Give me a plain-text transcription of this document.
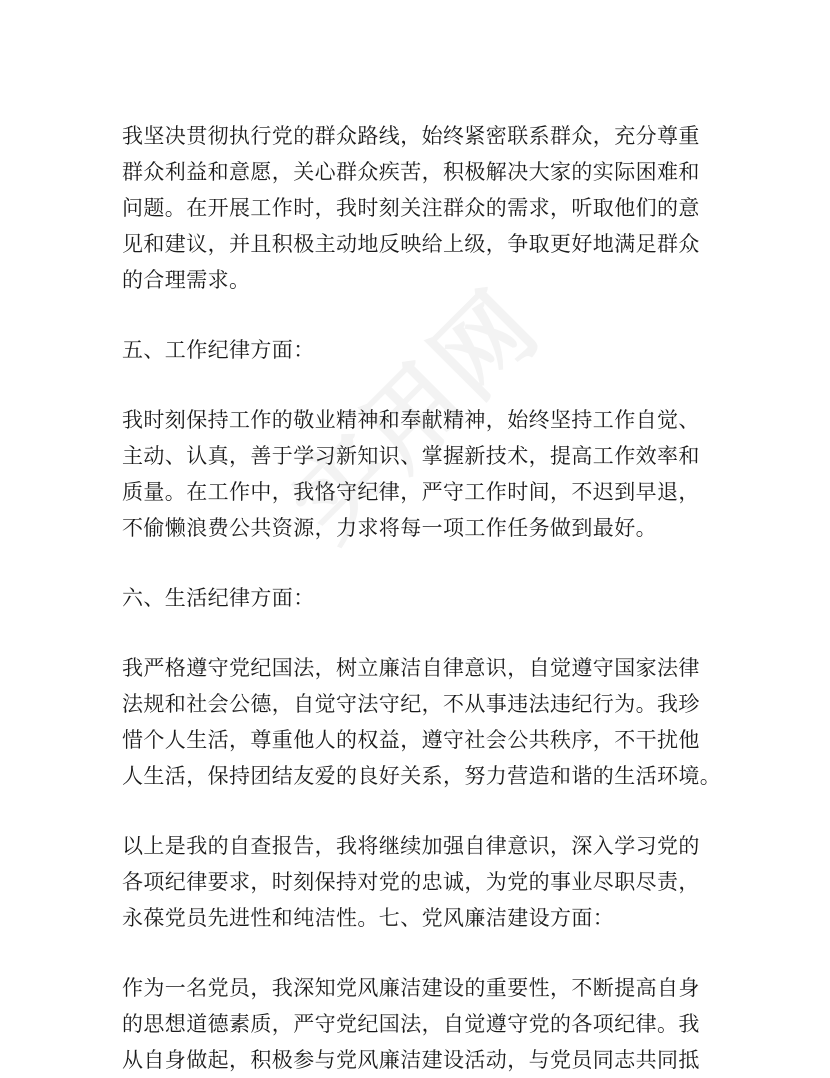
我坚决贯彻执行党的群众路线，始终紧密联系群众，充分尊重
群众利益和意愿，关心群众疾苦，积极解决大家的实际困难和
问题。在开展工作时，我时刻关注群众的需求，听取他们的意
见和建议，并且积极主动地反映给上级，争取更好地满足群众
的合理需求。
五、工作纪律方面：
我时刻保持工作的敬业精神和奉献精神，始终坚持工作自觉、
主动、认真，善于学习新知识、掌握新技术，提高工作效率和
质量。在工作中，我恪守纪律，严守工作时间，不迟到早退，
不偷懒浪费公共资源，力求将每一项工作任务做到最好。
六、生活纪律方面：
我严格遵守党纪国法，树立廉洁自律意识，自觉遵守国家法律
法规和社会公德，自觉守法守纪，不从事违法违纪行为。我珍
惜个人生活，尊重他人的权益，遵守社会公共秩序，不干扰他
人生活，保持团结友爱的良好关系，努力营造和谐的生活环境。
以上是我的自查报告，我将继续加强自律意识，深入学习党的
各项纪律要求，时刻保持对党的忠诚，为党的事业尽职尽责，
永葆党员先进性和纯洁性。七、党风廉洁建设方面：
作为一名党员，我深知党风廉洁建设的重要性，不断提高自身
的思想道德素质，严守党纪国法，自觉遵守党的各项纪律。我
从自身做起，积极参与党风廉洁建设活动，与党员同志共同抵
